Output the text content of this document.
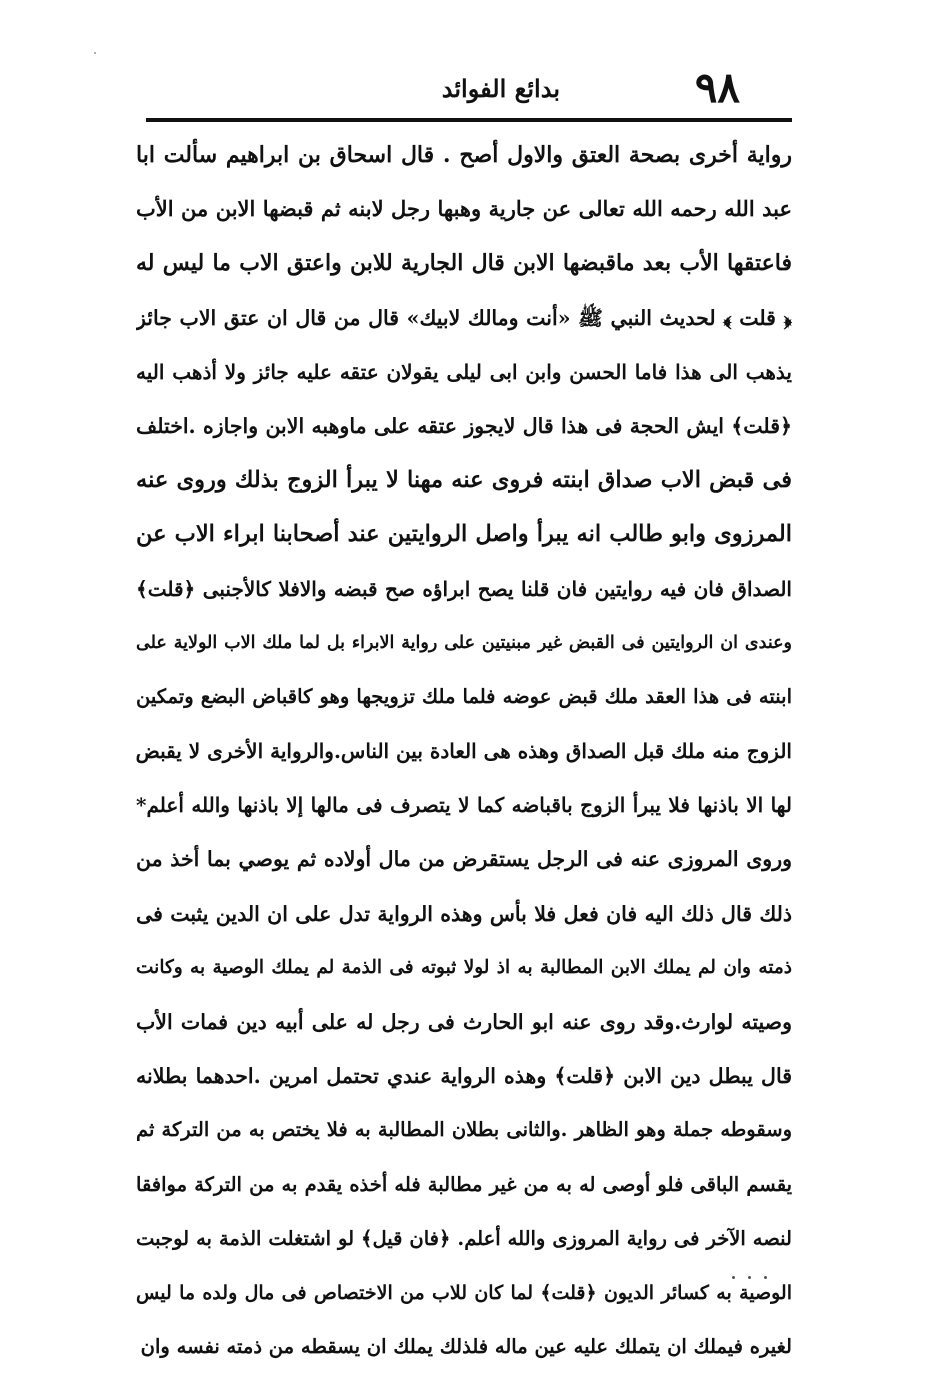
٩٨
بدائع الفوائد
رواية أخرى بصحة العتق والاول أصح . قال اسحاق بن ابراهيم سألت ابا
عبد الله رحمه الله تعالى عن جارية وهبها رجل لابنه ثم قبضها الابن من الأب
فاعتقها الأب بعد ماقبضها الابن قال الجارية للابن واعتق الاب ما ليس له
﴿ قلت ﴾ لحديث النبي ﷺ «أنت ومالك لابيك» قال من قال ان عتق الاب جائز
يذهب الى هذا فاما الحسن وابن ابى ليلى يقولان عتقه عليه جائز ولا أذهب اليه
﴿قلت﴾ ايش الحجة فى هذا قال لايجوز عتقه على ماوهبه الابن واجازه .اختلف
فى قبض الاب صداق ابنته فروى عنه مهنا لا يبرأ الزوج بذلك وروى عنه
المرزوى وابو طالب انه يبرأ واصل الروايتين عند أصحابنا ابراء الاب عن
الصداق فان فيه روايتين فان قلنا يصح ابراؤه صح قبضه والافلا كالأجنبى ﴿قلت﴾
وعندى ان الروايتين فى القبض غير مبنيتين على رواية الابراء بل لما ملك الاب الولاية على
ابنته فى هذا العقد ملك قبض عوضه فلما ملك تزويجها وهو كاقباض البضع وتمكين
الزوج منه ملك قبل الصداق وهذه هى العادة بين الناس.والرواية الأخرى لا يقبض
لها الا باذنها فلا يبرأ الزوج باقباضه كما لا يتصرف فى مالها إلا باذنها والله أعلم*
وروى المروزى عنه فى الرجل يستقرض من مال أولاده ثم يوصي بما أخذ من
ذلك قال ذلك اليه فان فعل فلا بأس وهذه الرواية تدل على ان الدين يثبت فى
ذمته وان لم يملك الابن المطالبة به اذ لولا ثبوته فى الذمة لم يملك الوصية به وكانت
وصيته لوارث.وقد روى عنه ابو الحارث فى رجل له على أبيه دين فمات الأب
قال يبطل دين الابن ﴿قلت﴾ وهذه الرواية عندي تحتمل امرين .احدهما بطلانه
وسقوطه جملة وهو الظاهر .والثانى بطلان المطالبة به فلا يختص به من التركة ثم
يقسم الباقى فلو أوصى له به من غير مطالبة فله أخذه يقدم به من التركة موافقا
لنصه الآخر فى رواية المروزى والله أعلم. ﴿فان قيل﴾ لو اشتغلت الذمة به لوجبت
الوصية به كسائر الديون ﴿قلت﴾ لما كان للاب من الاختصاص فى مال ولده ما ليس
لغيره فيملك ان يتملك عليه عين ماله فلذلك يملك ان يسقطه من ذمته نفسه وان
